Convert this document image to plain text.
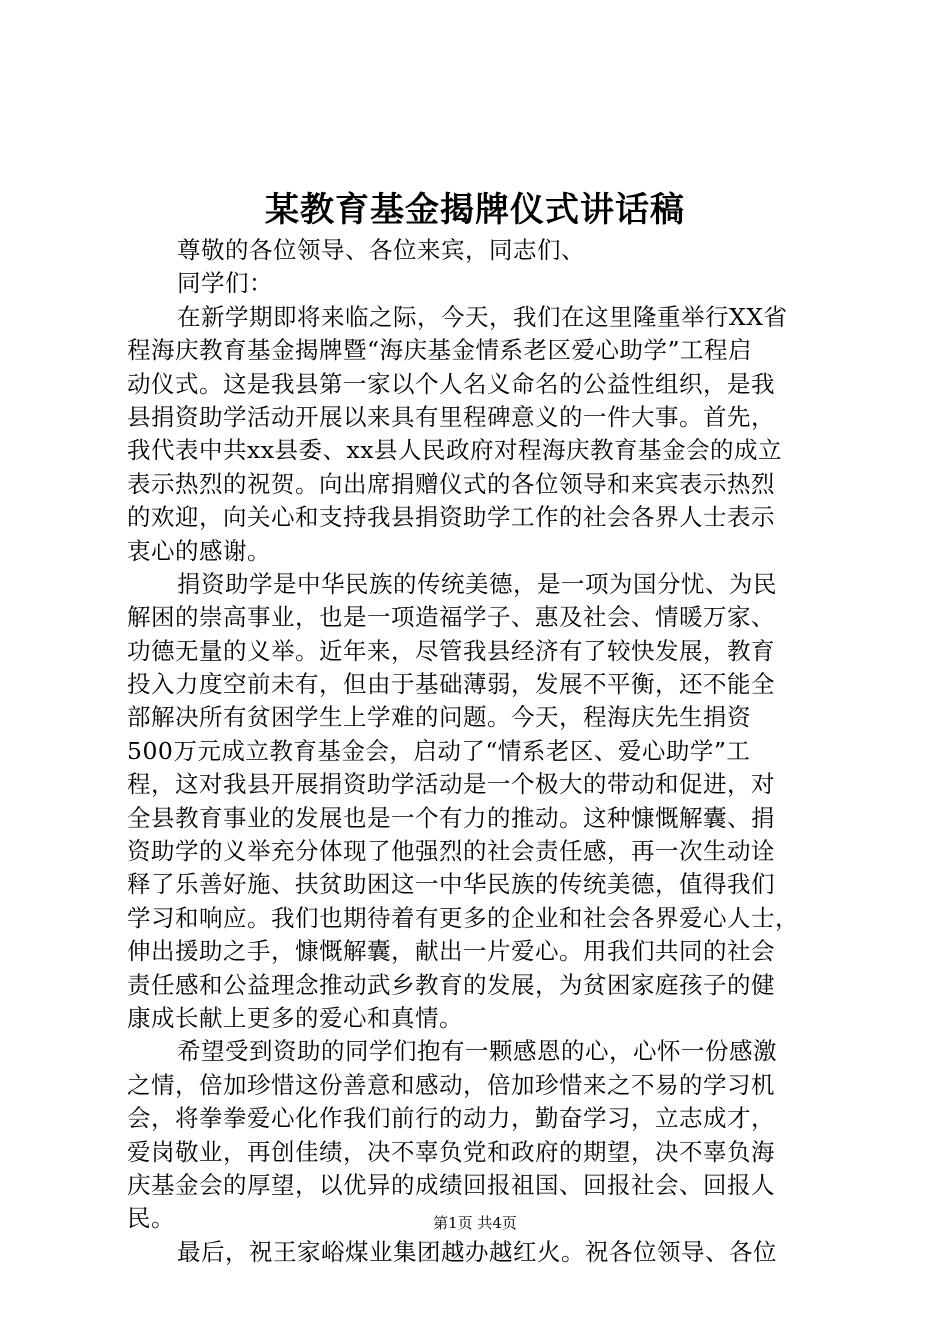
某教育基金揭牌仪式讲话稿
尊敬的各位领导、各位来宾，同志们、
同学们：
在新学期即将来临之际，今天，我们在这里隆重举行XX省
程海庆教育基金揭牌暨“海庆基金情系老区爱心助学”工程启
动仪式。这是我县第一家以个人名义命名的公益性组织，是我
县捐资助学活动开展以来具有里程碑意义的一件大事。首先，
我代表中共xx县委、xx县人民政府对程海庆教育基金会的成立
表示热烈的祝贺。向出席捐赠仪式的各位领导和来宾表示热烈
的欢迎，向关心和支持我县捐资助学工作的社会各界人士表示
衷心的感谢。
捐资助学是中华民族的传统美德，是一项为国分忧、为民
解困的崇高事业，也是一项造福学子、惠及社会、情暖万家、
功德无量的义举。近年来，尽管我县经济有了较快发展，教育
投入力度空前未有，但由于基础薄弱，发展不平衡，还不能全
部解决所有贫困学生上学难的问题。今天，程海庆先生捐资
500万元成立教育基金会，启动了“情系老区、爱心助学”工
程，这对我县开展捐资助学活动是一个极大的带动和促进，对
全县教育事业的发展也是一个有力的推动。这种慷慨解囊、捐
资助学的义举充分体现了他强烈的社会责任感，再一次生动诠
释了乐善好施、扶贫助困这一中华民族的传统美德，值得我们
学习和响应。我们也期待着有更多的企业和社会各界爱心人士，
伸出援助之手，慷慨解囊，献出一片爱心。用我们共同的社会
责任感和公益理念推动武乡教育的发展，为贫困家庭孩子的健
康成长献上更多的爱心和真情。
希望受到资助的同学们抱有一颗感恩的心，心怀一份感激
之情，倍加珍惜这份善意和感动，倍加珍惜来之不易的学习机
会，将拳拳爱心化作我们前行的动力，勤奋学习，立志成才，
爱岗敬业，再创佳绩，决不辜负党和政府的期望，决不辜负海
庆基金会的厚望，以优异的成绩回报祖国、回报社会、回报人
民。
最后，祝王家峪煤业集团越办越红火。祝各位领导、各位
第1页 共4页
